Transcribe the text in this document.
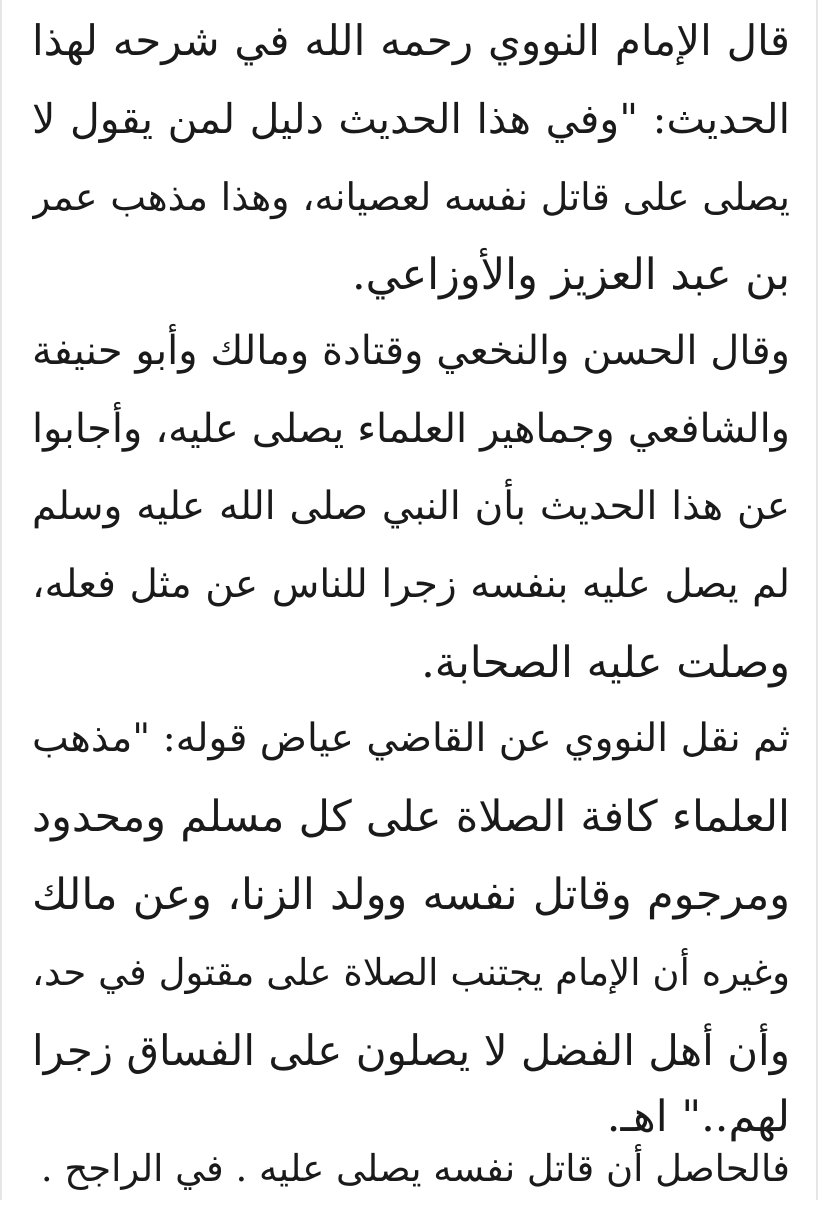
قال الإمام النووي رحمه الله في شرحه لهذا
الحديث: "وفي هذا الحديث دليل لمن يقول لا
يصلى على قاتل نفسه لعصيانه، وهذا مذهب عمر
بن عبد العزيز والأوزاعي.
وقال الحسن والنخعي وقتادة ومالك وأبو حنيفة
والشافعي وجماهير العلماء يصلى عليه، وأجابوا
عن هذا الحديث بأن النبي صلى الله عليه وسلم
لم يصل عليه بنفسه زجرا للناس عن مثل فعله،
وصلت عليه الصحابة.
ثم نقل النووي عن القاضي عياض قوله: "مذهب
العلماء كافة الصلاة على كل مسلم ومحدود
ومرجوم وقاتل نفسه وولد الزنا، وعن مالك
وغيره أن الإمام يجتنب الصلاة على مقتول في حد،
وأن أهل الفضل لا يصلون على الفساق زجرا
لهم.." اهـ.
فالحاصل أن قاتل نفسه يصلى عليه . في الراجح .
